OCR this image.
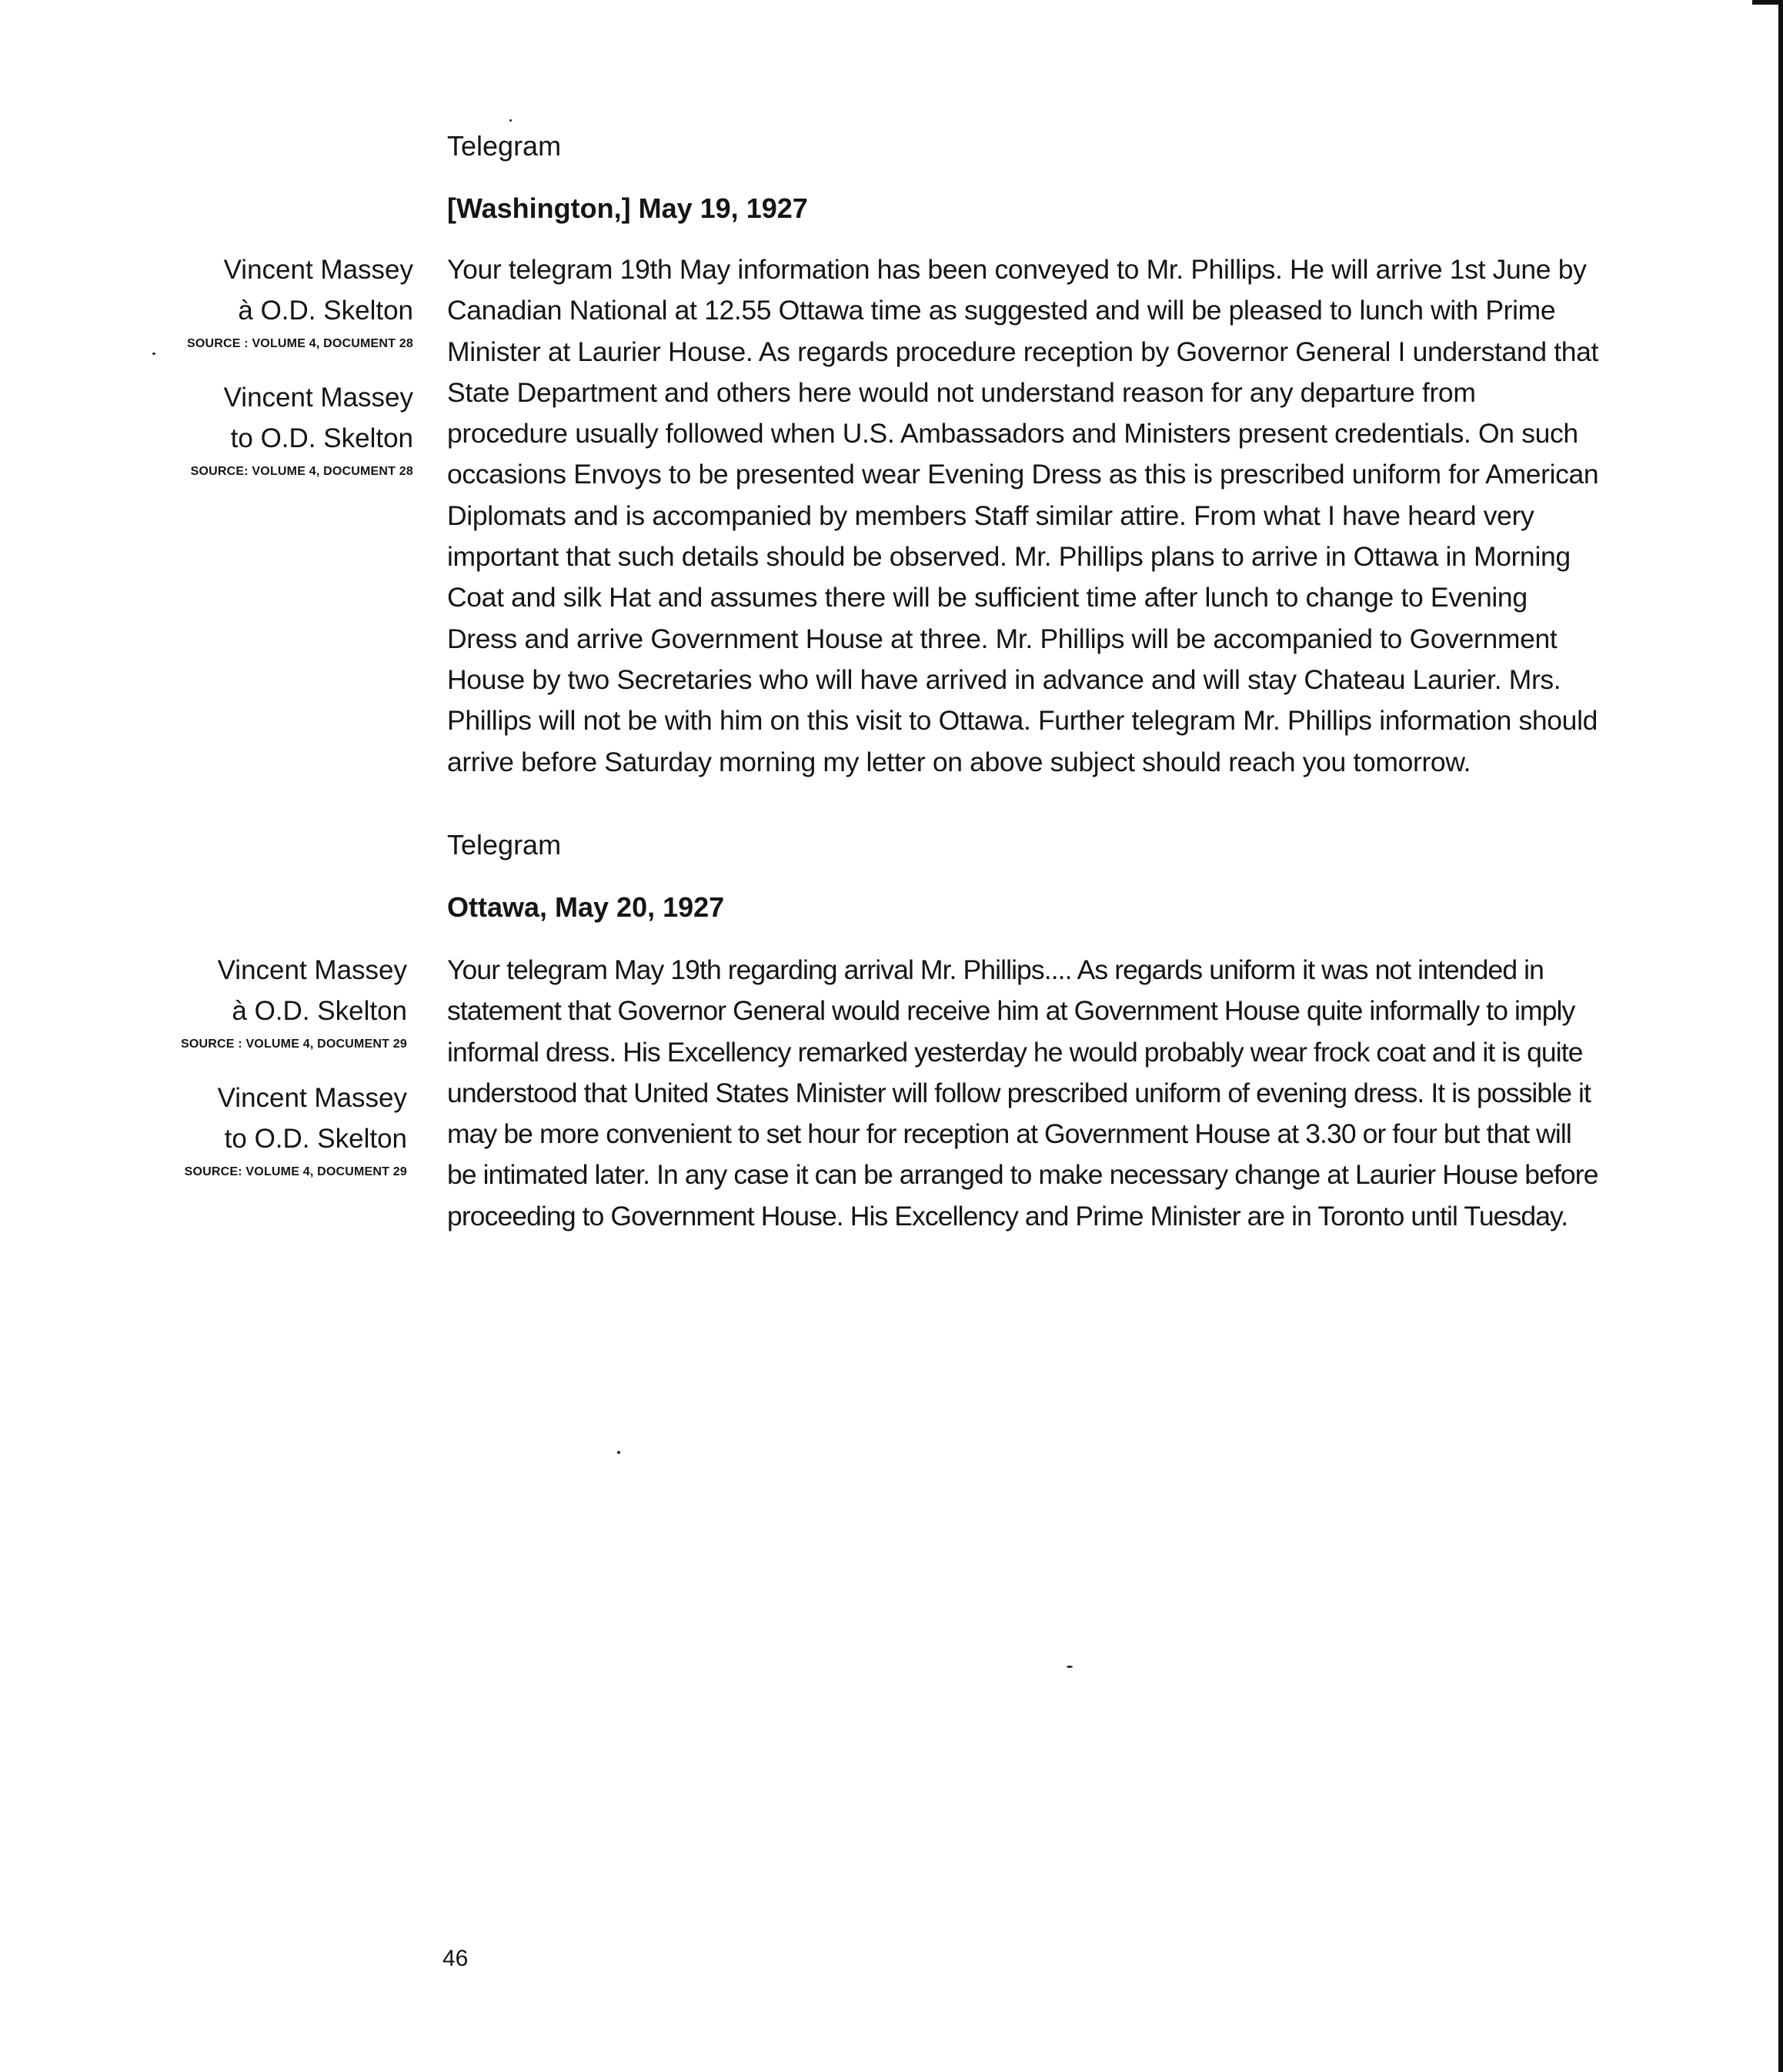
Telegram

[Washington,] May 19, 1927

Vincent Massey

à O.D. Skelton

SOURCE : VOLUME 4, DOCUMENT 28

Vincent Massey

to O.D. Skelton

SOURCE: VOLUME 4, DOCUMENT 28

Your telegram 19th May information has been conveyed to Mr. Phillips. He will arrive 1st June by Canadian National at 12.55 Ottawa time as suggested and will be pleased to lunch with Prime Minister at Laurier House. As regards procedure reception by Governor General I understand that State Department and others here would not understand reason for any departure from procedure usually followed when U.S. Ambassadors and Ministers present credentials. On such occasions Envoys to be presented wear Evening Dress as this is prescribed uniform for American Diplomats and is accompanied by members Staff similar attire. From what I have heard very important that such details should be observed. Mr. Phillips plans to arrive in Ottawa in Morning Coat and silk Hat and assumes there will be sufficient time after lunch to change to Evening Dress and arrive Government House at three. Mr. Phillips will be accompanied to Government House by two Secretaries who will have arrived in advance and will stay Chateau Laurier. Mrs. Phillips will not be with him on this visit to Ottawa. Further telegram Mr. Phillips information should arrive before Saturday morning my letter on above subject should reach you tomorrow.

Telegram

Ottawa, May 20, 1927

Vincent Massey

à O.D. Skelton

SOURCE : VOLUME 4, DOCUMENT 29

Vincent Massey

to O.D. Skelton

SOURCE: VOLUME 4, DOCUMENT 29

Your telegram May 19th regarding arrival Mr. Phillips.... As regards uniform it was not intended in statement that Governor General would receive him at Government House quite informally to imply informal dress. His Excellency remarked yesterday he would probably wear frock coat and it is quite understood that United States Minister will follow prescribed uniform of evening dress. It is possible it may be more convenient to set hour for reception at Government House at 3.30 or four but that will be intimated later. In any case it can be arranged to make necessary change at Laurier House before proceeding to Government House. His Excellency and Prime Minister are in Toronto until Tuesday.

46
